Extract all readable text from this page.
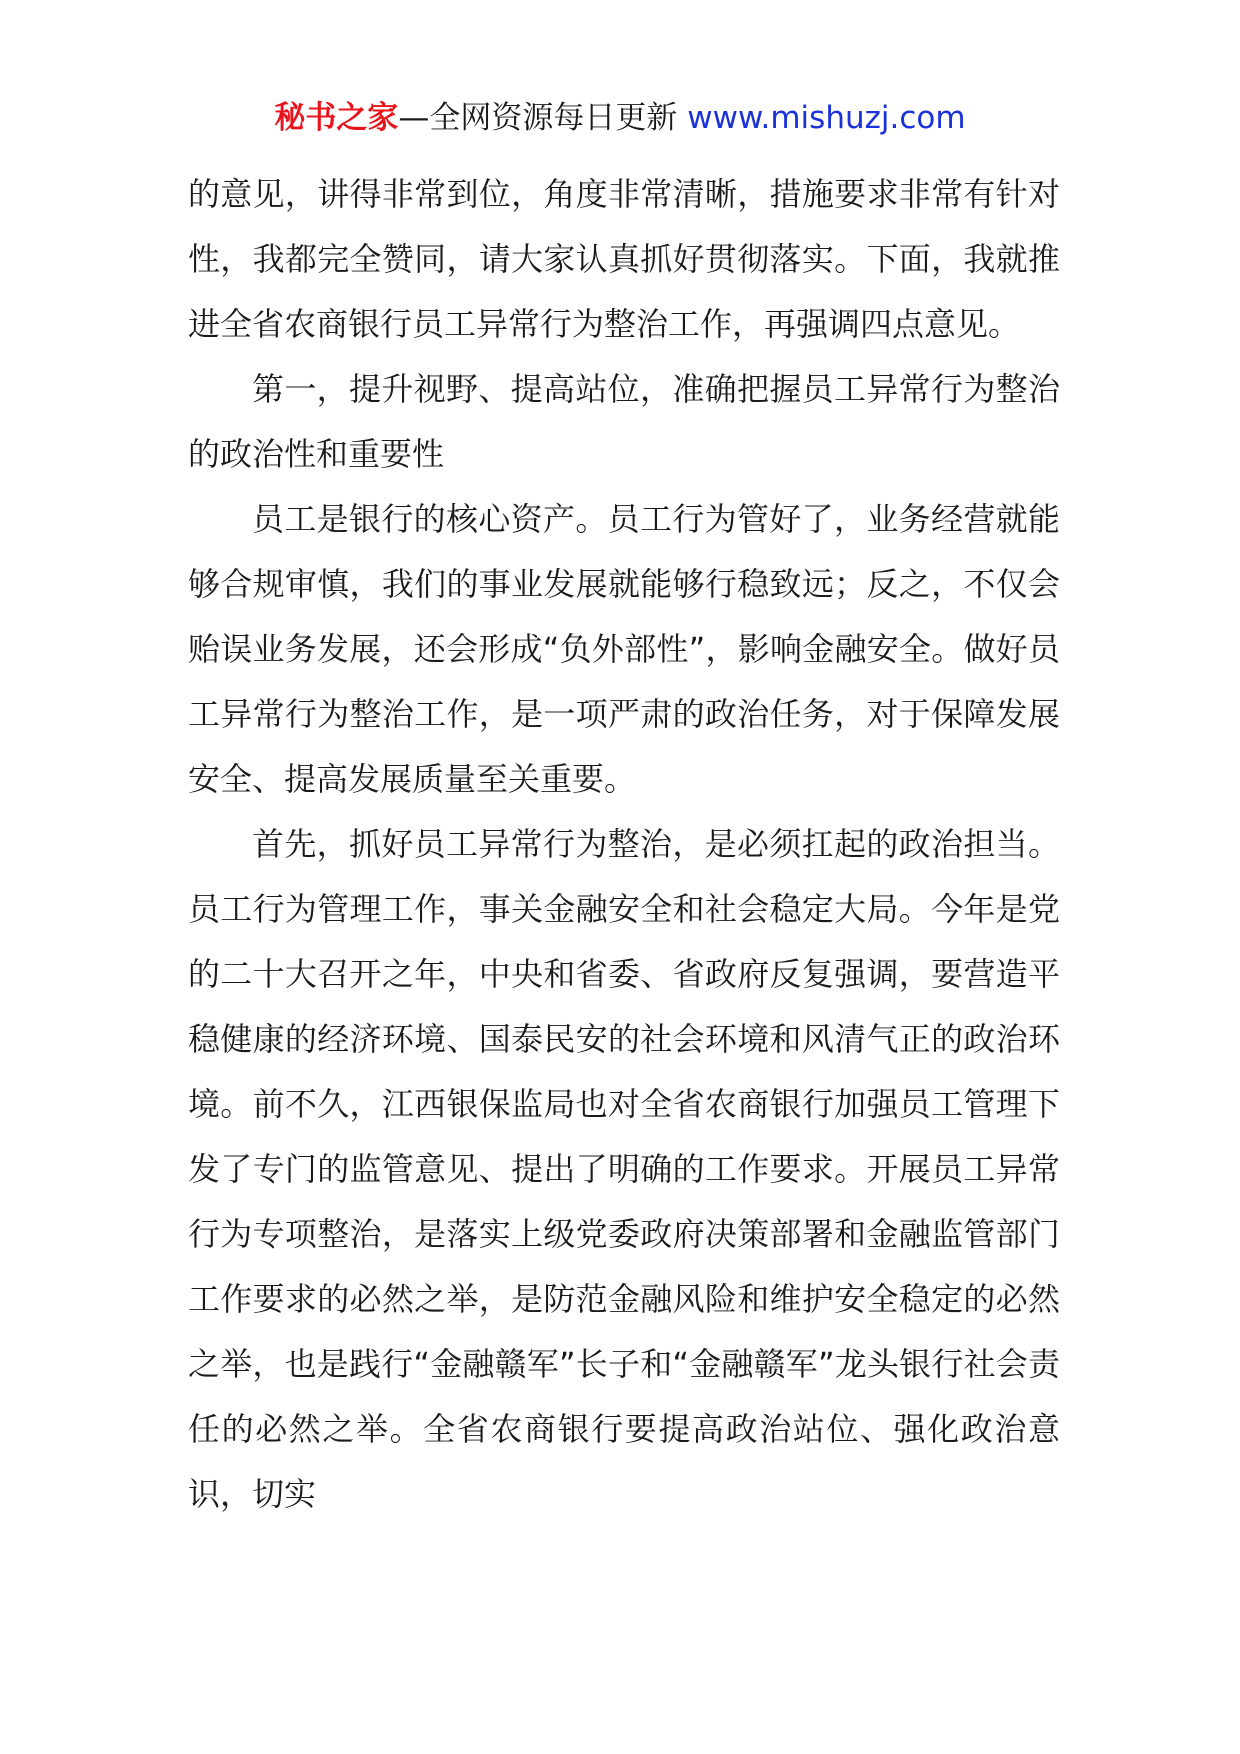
秘书之家—全网资源每日更新 www.mishuzj.com

的意见，讲得非常到位，角度非常清晰，措施要求非常有针对性，我都完全赞同，请大家认真抓好贯彻落实。下面，我就推进全省农商银行员工异常行为整治工作，再强调四点意见。

第一，提升视野、提高站位，准确把握员工异常行为整治的政治性和重要性

员工是银行的核心资产。员工行为管好了，业务经营就能够合规审慎，我们的事业发展就能够行稳致远；反之，不仅会贻误业务发展，还会形成“负外部性”，影响金融安全。做好员工异常行为整治工作，是一项严肃的政治任务，对于保障发展安全、提高发展质量至关重要。

首先，抓好员工异常行为整治，是必须扛起的政治担当。员工行为管理工作，事关金融安全和社会稳定大局。今年是党的二十大召开之年，中央和省委、省政府反复强调，要营造平稳健康的经济环境、国泰民安的社会环境和风清气正的政治环境。前不久，江西银保监局也对全省农商银行加强员工管理下发了专门的监管意见、提出了明确的工作要求。开展员工异常行为专项整治，是落实上级党委政府决策部署和金融监管部门工作要求的必然之举，是防范金融风险和维护安全稳定的必然之举，也是践行“金融赣军”长子和“金融赣军”龙头银行社会责任的必然之举。全省农商银行要提高政治站位、强化政治意识，切实
